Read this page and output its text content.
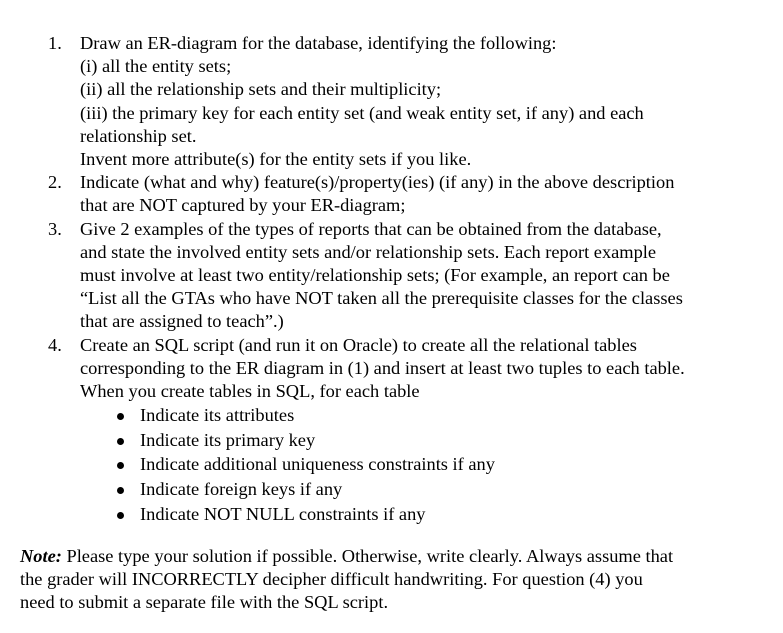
1. Draw an ER-diagram for the database, identifying the following:
(i) all the entity sets;
(ii) all the relationship sets and their multiplicity;
(iii) the primary key for each entity set (and weak entity set, if any) and each
relationship set.
Invent more attribute(s) for the entity sets if you like.
2. Indicate (what and why) feature(s)/property(ies) (if any) in the above description
that are NOT captured by your ER-diagram;
3. Give 2 examples of the types of reports that can be obtained from the database,
and state the involved entity sets and/or relationship sets. Each report example
must involve at least two entity/relationship sets; (For example, an report can be
“List all the GTAs who have NOT taken all the prerequisite classes for the classes
that are assigned to teach”.)
4. Create an SQL script (and run it on Oracle) to create all the relational tables
corresponding to the ER diagram in (1) and insert at least two tuples to each table.
When you create tables in SQL, for each table
Indicate its attributes
Indicate its primary key
Indicate additional uniqueness constraints if any
Indicate foreign keys if any
Indicate NOT NULL constraints if any
Note: Please type your solution if possible. Otherwise, write clearly. Always assume that
the grader will INCORRECTLY decipher difficult handwriting. For question (4) you
need to submit a separate file with the SQL script.
